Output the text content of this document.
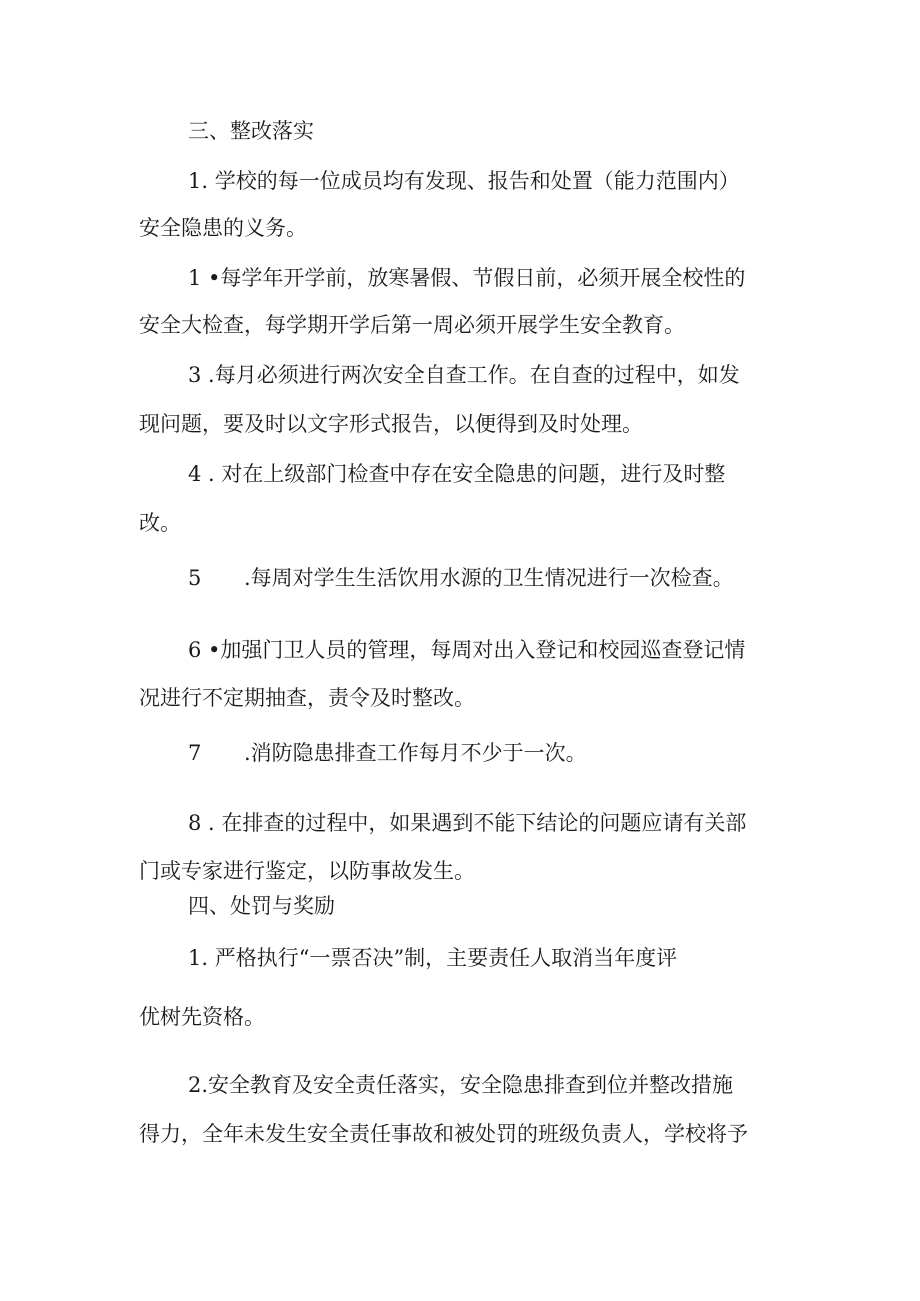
三、整改落实
1. 学校的每一位成员均有发现、报告和处置（能力范围内）
安全隐患的义务。
1 •每学年开学前，放寒暑假、节假日前，必须开展全校性的
安全大检查，每学期开学后第一周必须开展学生安全教育。
3 .每月必须进行两次安全自查工作。在自查的过程中，如发
现问题，要及时以文字形式报告，以便得到及时处理。
4 . 对在上级部门检查中存在安全隐患的问题，进行及时整
改。
5 .每周对学生生活饮用水源的卫生情况进行一次检查。
6 •加强门卫人员的管理，每周对出入登记和校园巡查登记情
况进行不定期抽查，责令及时整改。
7 .消防隐患排查工作每月不少于一次。
8 . 在排查的过程中，如果遇到不能下结论的问题应请有关部
门或专家进行鉴定，以防事故发生。
四、处罚与奖励
1. 严格执行“一票否决”制，主要责任人取消当年度评
优树先资格。
2.安全教育及安全责任落实，安全隐患排查到位并整改措施
得力，全年未发生安全责任事故和被处罚的班级负责人，学校将予
